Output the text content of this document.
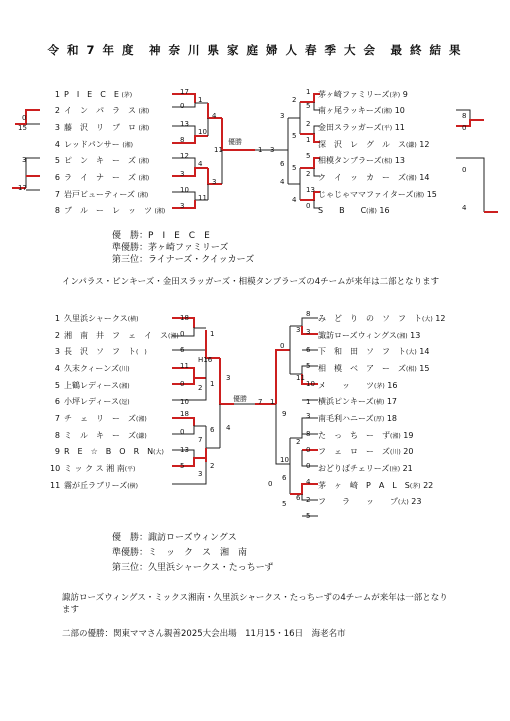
令 和 7 年 度　神 奈 川 県 家 庭 婦 人 春 季 大 会　最 終 結 果
1 P　I　E　C　E (茅)
2 イ　ン　パ　ラ　ス (湘)
3 藤　沢　リ　ブ　ロ (湘)
4 レッドパンサー (湘)
5 ピ　ン　キ　ー　ズ (湘)
6 ラ　イ　ナ　ー　ズ (湘)
7 岩戸ビューティーズ (湘)
8 ブ　ル　ー　レ　ッ　ツ (湘)
茅ヶ崎ファミリーズ(茅) 9
南ヶ尾ラッキーズ(湘) 10
金田スラッガーズ(平) 11
深　沢　レ　グ　ル　ス(鎌) 12
相模タンブラーズ(相) 13
ク　イ　ッ　カ　ー　ズ(湘) 14
じゃじゃママファイターズ(湘) 15
S　　B　　C(湘) 16
優勝
17
0
0
15	13
8
12
3
3
17	10
3
1
10
4
11
4
3
11	1 3
3
4
2
5
1
5
2
1
5
2
13
0
8
0
0
4
5
4
6
優　勝：P　I　E　C　E
準優勝：茅ヶ崎ファミリーズ
第三位：ライナーズ・クイッカーズ
インパラス・ピンキーズ・金田スラッガーズ・相模タンブラーズの4チームが来年は二部となります
1 久里浜シャークス(横)
2 湘　南　井　フ　ェ　イ　ス(湘)
3 長　沢　ソ　フ　ト(　)
4 久末クィーンズ(川)
5 上鶴レディース(湘)
6 小坪レディース(逗)
7 チ　ェ　リ　ー　ズ(湘)
8 ミ　ル　キ　ー　ズ(鎌)
9 R　E　☆　B　O　R　N(大)
10 ミ ッ ク ス 湘 南(平)
11 霧が丘ラブリーズ(横)
み　ど　り　の　ソ　フ　ト(大) 12
諏訪ローズウィングス(湘) 13
下　和　田　ソ　フ　ト(大) 14
相　模　ベ　ア　ー　ズ(相) 15
メ　　ッ　　ツ(茅) 16
横浜ピンキーズ(横) 17
南毛利ハニーズ(厚) 18
た　っ　ち　ー　ず(湘) 19
フ　ェ　ロ　ー　ズ(川) 20
おどりばチェリーズ(座) 21
茅　ヶ　崎　P　A　L　S(茅) 22
フ　　ラ　　ッ　　プ(大) 23
優勝
18
0
6
11
0
10
18
0
13
5
H16
2
7
3
1
1
6
2
3
4
7 1
0
10
3
11
2
6
8
3
6
5
10
1
3
8
0
0
4
2
5
9
6
0
5
優　勝：諏訪ローズウィングス
準優勝：ミ　ッ　ク　ス　湘　南
第三位：久里浜シャークス・たっちーず
諏訪ローズウィングス・ミックス湘南・久里浜シャークス・たっちーずの4チームが来年は一部となります
二部の優勝：関東ママさん親善2025大会出場　11月15・16日　海老名市
